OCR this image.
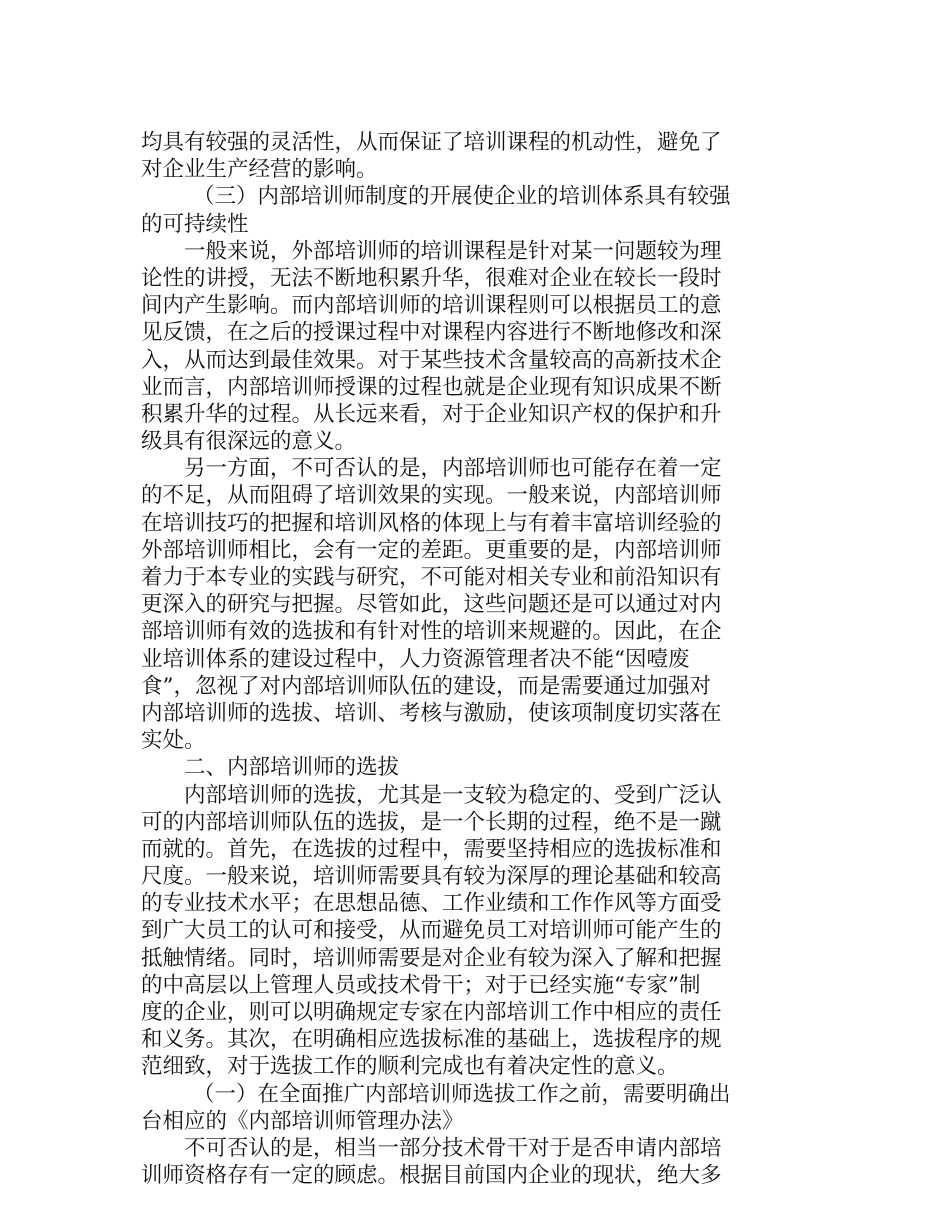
均具有较强的灵活性，从而保证了培训课程的机动性，避免了
对企业生产经营的影响。
（三）内部培训师制度的开展使企业的培训体系具有较强
的可持续性
一般来说，外部培训师的培训课程是针对某一问题较为理
论性的讲授，无法不断地积累升华，很难对企业在较长一段时
间内产生影响。而内部培训师的培训课程则可以根据员工的意
见反馈，在之后的授课过程中对课程内容进行不断地修改和深
入，从而达到最佳效果。对于某些技术含量较高的高新技术企
业而言，内部培训师授课的过程也就是企业现有知识成果不断
积累升华的过程。从长远来看，对于企业知识产权的保护和升
级具有很深远的意义。
另一方面，不可否认的是，内部培训师也可能存在着一定
的不足，从而阻碍了培训效果的实现。一般来说，内部培训师
在培训技巧的把握和培训风格的体现上与有着丰富培训经验的
外部培训师相比，会有一定的差距。更重要的是，内部培训师
着力于本专业的实践与研究，不可能对相关专业和前沿知识有
更深入的研究与把握。尽管如此，这些问题还是可以通过对内
部培训师有效的选拔和有针对性的培训来规避的。因此，在企
业培训体系的建设过程中，人力资源管理者决不能“因噎废
食”，忽视了对内部培训师队伍的建设，而是需要通过加强对
内部培训师的选拔、培训、考核与激励，使该项制度切实落在
实处。
二、内部培训师的选拔
内部培训师的选拔，尤其是一支较为稳定的、受到广泛认
可的内部培训师队伍的选拔，是一个长期的过程，绝不是一蹴
而就的。首先，在选拔的过程中，需要坚持相应的选拔标准和
尺度。一般来说，培训师需要具有较为深厚的理论基础和较高
的专业技术水平；在思想品德、工作业绩和工作作风等方面受
到广大员工的认可和接受，从而避免员工对培训师可能产生的
抵触情绪。同时，培训师需要是对企业有较为深入了解和把握
的中高层以上管理人员或技术骨干；对于已经实施“专家”制
度的企业，则可以明确规定专家在内部培训工作中相应的责任
和义务。其次，在明确相应选拔标准的基础上，选拔程序的规
范细致，对于选拔工作的顺利完成也有着决定性的意义。
（一）在全面推广内部培训师选拔工作之前，需要明确出
台相应的《内部培训师管理办法》
不可否认的是，相当一部分技术骨干对于是否申请内部培
训师资格存有一定的顾虑。根据目前国内企业的现状，绝大多
